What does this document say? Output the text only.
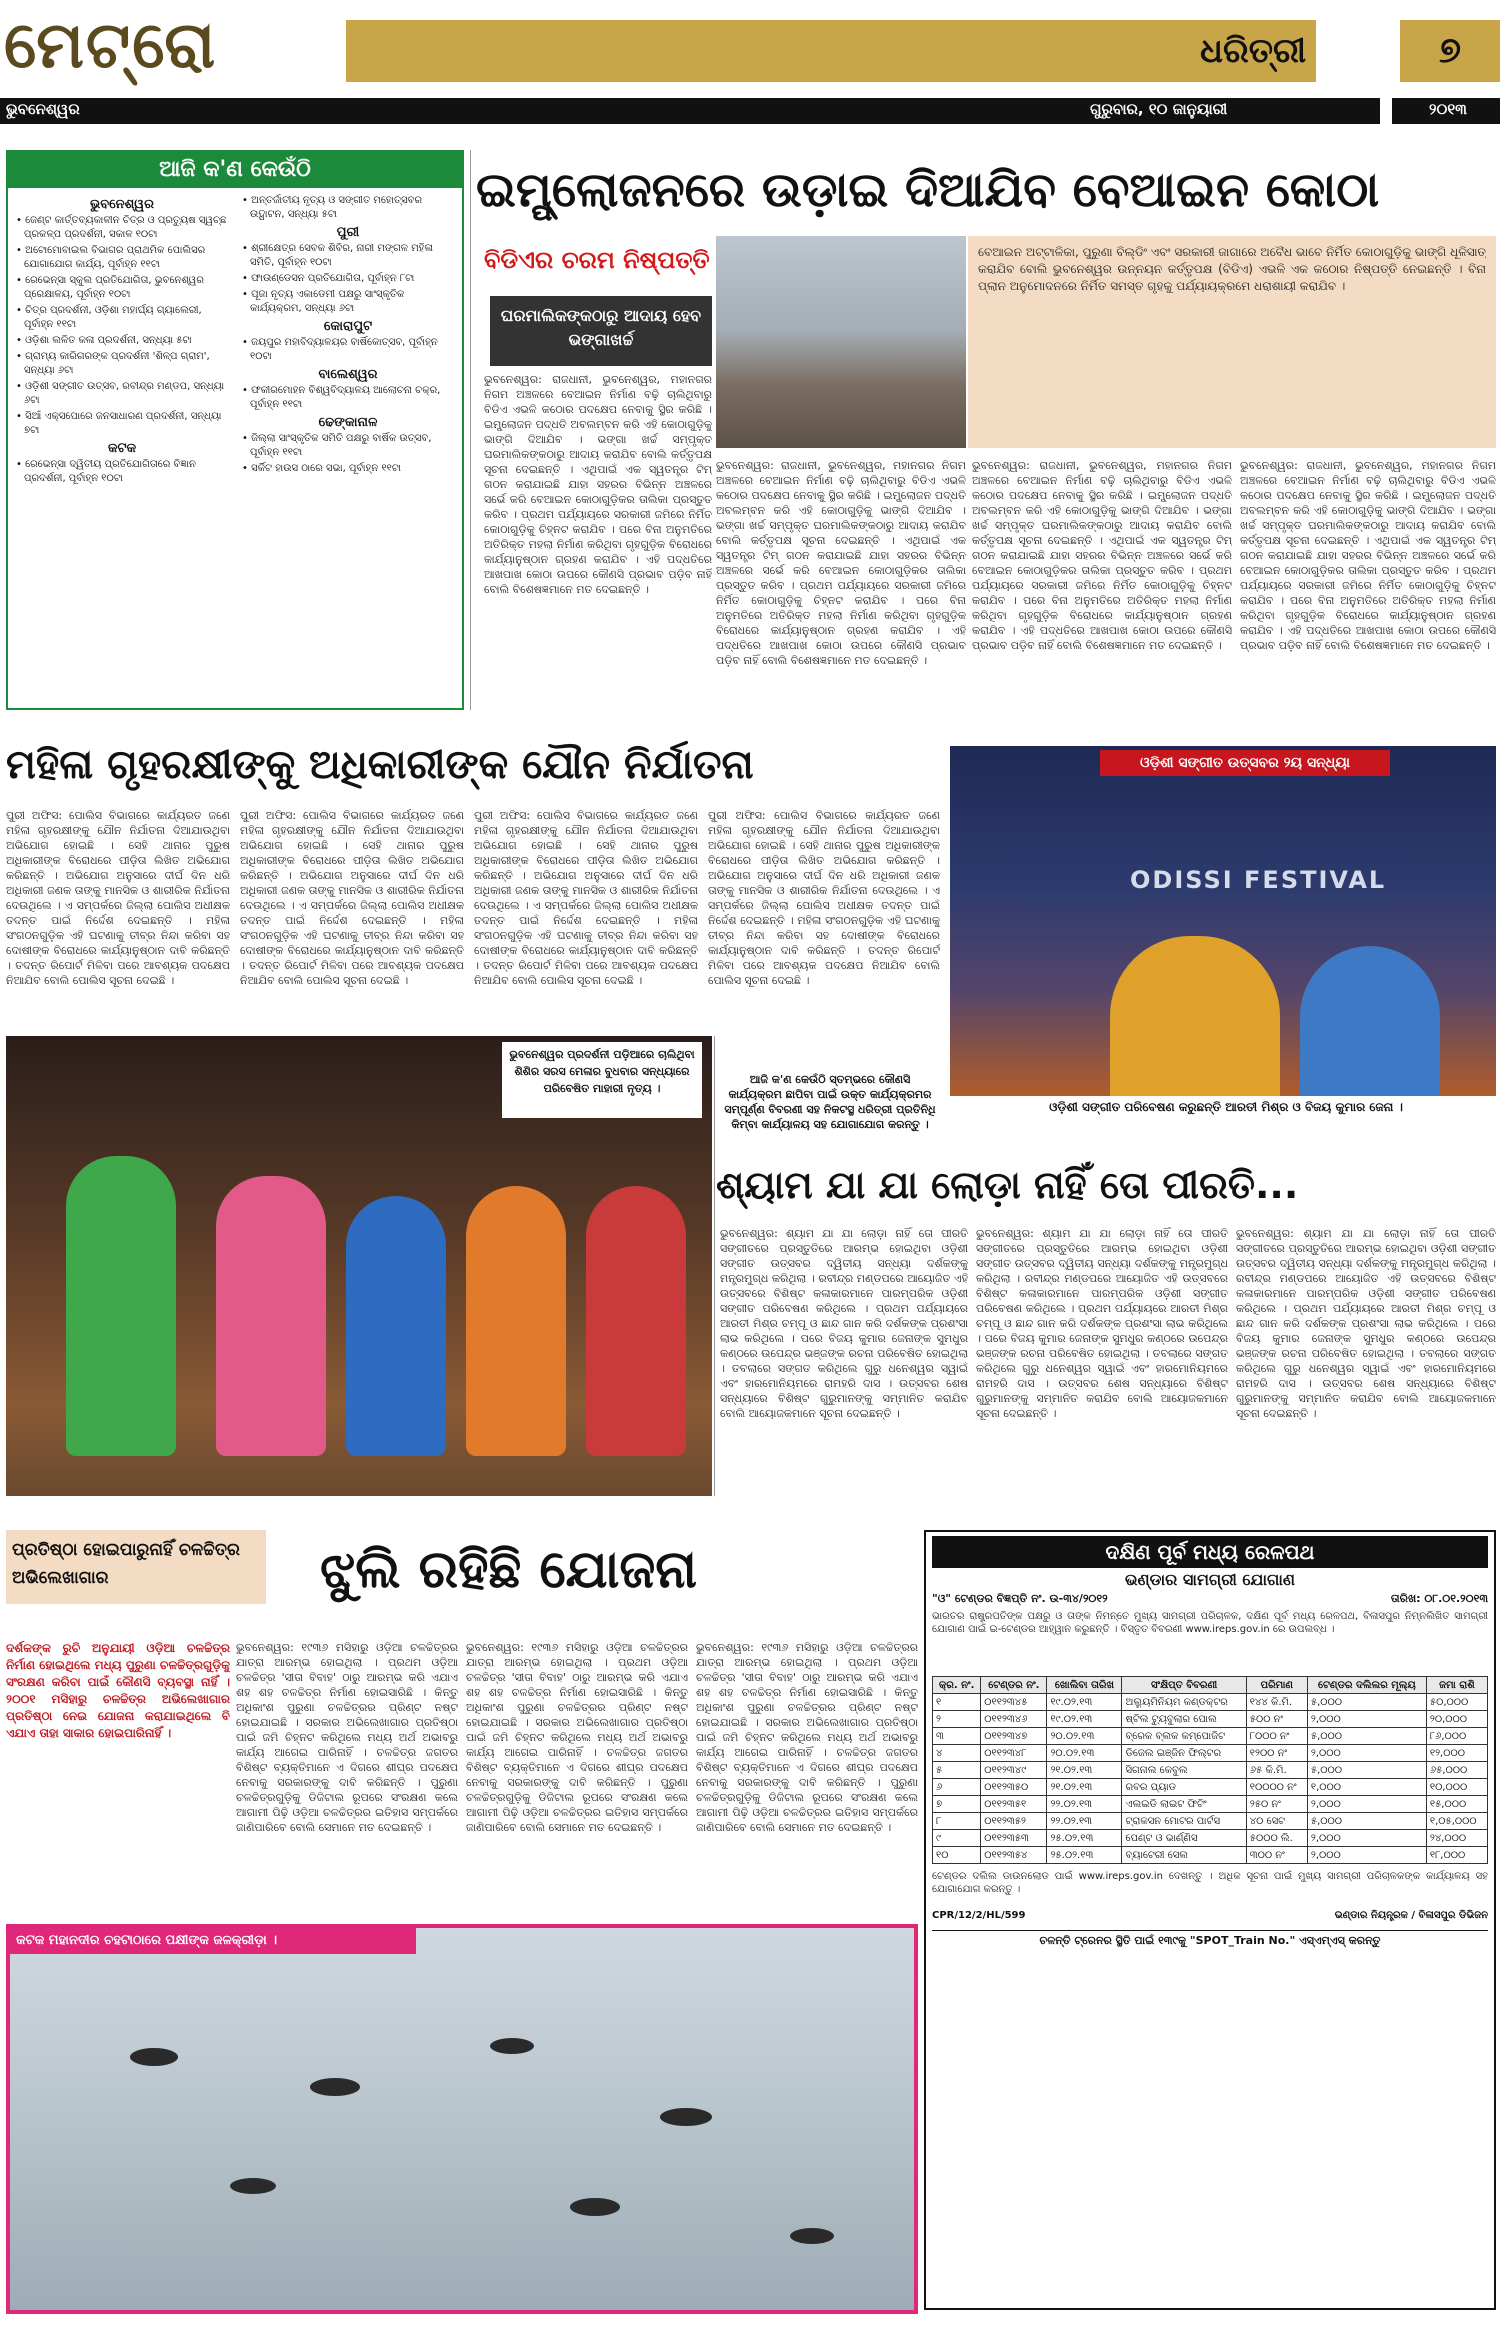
ମେଟ୍ରୋ	ଧରିତ୍ରୀ	୭
ଭୁବନେଶ୍ୱର	ଗୁରୁବାର, ୧୦ ଜାନୁୟାରୀ	୨୦୧୩
ଆଜି କ'ଣ କେଉଁଠି
ଭୁବନେଶ୍ୱର
• ଜେଣ୍ଟ କାର୍ତ୍ତବ୍ୟକାଳୀନ ଚିତ୍ର ଓ ପ୍ରତ୍ୟୁଷ ସ୍ୱଚ୍ଛ ପ୍ରକଳ୍ପ ପ୍ରଦର୍ଶନୀ, ସକାଳ ୧୦ଟା
• ଅଟୋମୋବାଇଲ ବିଭାଗର ପ୍ରାଥମିକ ପୋଲିସର ଯୋଗାଯୋଗ କାର୍ଯ୍ୟ, ପୂର୍ବାହ୍ନ ୧୧ଟା
• ରେଭେନ୍ସା ସ୍କୁଲ ପ୍ରତିଯୋଗିତା, ଭୁବନେଶ୍ୱର ପ୍ରେକ୍ଷାଳୟ, ପୂର୍ବାହ୍ନ ୧୦ଟା
• ଚିତ୍ର ପ୍ରଦର୍ଶନୀ, ଓଡ଼ିଶା ମହାର୍ଘ୍ୟ ଗ୍ୟାଲେରୀ, ପୂର୍ବାହ୍ନ ୧୧ଟା
• ଓଡ଼ିଶା ଲଳିତ କଳା ପ୍ରଦର୍ଶନୀ, ସନ୍ଧ୍ୟା ୫ଟା
• ଗ୍ରାମ୍ୟ କାରିଗରଙ୍କ ପ୍ରଦର୍ଶନୀ 'ଶିଳ୍ପ ଗ୍ରାମ', ସନ୍ଧ୍ୟା ୬ଟା
• ଓଡ଼ିଶୀ ସଙ୍ଗୀତ ଉତ୍ସବ, ରବୀନ୍ଦ୍ର ମଣ୍ଡପ, ସନ୍ଧ୍ୟା ୬ଟା
• ସିଆଁ ଏକ୍ସପୋରେ ଜନସାଧାରଣ ପ୍ରଦର୍ଶନୀ, ସନ୍ଧ୍ୟା ୭ଟା
କଟକ
• ରେଭେନ୍ସା ଦ୍ୱିତୀୟ ପ୍ରତିଯୋଗିତାରେ ବିଜ୍ଞାନ ପ୍ରଦର୍ଶନୀ, ପୂର୍ବାହ୍ନ ୧୦ଟା
• ଅନ୍ତର୍ଜାତୀୟ ନୃତ୍ୟ ଓ ସଙ୍ଗୀତ ମହୋତ୍ସବର ଉଦ୍ଘାଟନ, ସନ୍ଧ୍ୟା ୫ଟା
ପୁରୀ
• ଶ୍ରୀକ୍ଷେତ୍ର ସେବକ ଶିବିର, ନାରୀ ମଙ୍ଗଳ ମହିଳା ସମିତି, ପୂର୍ବାହ୍ନ ୧୦ଟା
• ଫାଉଣ୍ଡେସନ ପ୍ରତିଯୋଗିତା, ପୂର୍ବାହ୍ନ ୮ଟା
• ପୂଜା ନୃତ୍ୟ ଏକାଡେମୀ ପକ୍ଷରୁ ସାଂସ୍କୃତିକ କାର୍ଯ୍ୟକ୍ରମ, ସନ୍ଧ୍ୟା ୬ଟା
କୋରାପୁଟ
• ଜୟପୁର ମହାବିଦ୍ୟାଳୟର ବାର୍ଷିକୋତ୍ସବ, ପୂର୍ବାହ୍ନ ୧୦ଟା
ବାଲେଶ୍ୱର
• ଫକୀରମୋହନ ବିଶ୍ୱବିଦ୍ୟାଳୟ ଆଲୋଚନା ଚକ୍ର, ପୂର୍ବାହ୍ନ ୧୧ଟା
ଢେଙ୍କାନାଳ
• ଜିଲ୍ଲା ସାଂସ୍କୃତିକ ସମିତି ପକ୍ଷରୁ ବାର୍ଷିକ ଉତ୍ସବ, ପୂର୍ବାହ୍ନ ୧୧ଟା
• ସର୍କିଟ ହାଉସ ଠାରେ ସଭା, ପୂର୍ବାହ୍ନ ୧୧ଟା
ଇମ୍ପ୍ଲୋଜନରେ ଉଡ଼ାଇ ଦିଆଯିବ ବେଆଇନ କୋଠା
ବିଡିଏର ଚରମ ନିଷ୍ପତ୍ତି
ଘରମାଲିକଙ୍କଠାରୁ ଆଦାୟ ହେବ ଭଙ୍ଗାଖର୍ଚ୍ଚ
ବେଆଇନ ଅଟ୍ଟାଳିକା, ପୁରୁଣା ବିଲ୍ଡିଂ ଏବଂ ସରକାରୀ ଜାଗାରେ ଅବୈଧ ଭାବେ ନିର୍ମିତ କୋଠାଗୁଡ଼ିକୁ ଭାଙ୍ଗି ଧୂଳିସାତ୍ କରାଯିବ ବୋଲି ଭୁବନେଶ୍ୱର ଉନ୍ନୟନ କର୍ତ୍ତୃପକ୍ଷ (ବିଡିଏ) ଏଭଳି ଏକ କଠୋର ନିଷ୍ପତ୍ତି ନେଇଛନ୍ତି । ବିନା ପ୍ଲାନ ଅନୁମୋଦନରେ ନିର୍ମିତ ସମସ୍ତ ଗୃହକୁ ପର୍ଯ୍ୟାୟକ୍ରମେ ଧରାଶାୟୀ କରାଯିବ ।
ଭୁବନେଶ୍ୱର: ରାଜଧାନୀ, ଭୁବନେଶ୍ୱର, ମହାନଗର ନିଗମ ଅଞ୍ଚଳରେ ବେଆଇନ ନିର୍ମାଣ ବଢ଼ି ଚାଲିଥିବାରୁ ବିଡିଏ ଏଭଳି କଠୋର ପଦକ୍ଷେପ ନେବାକୁ ସ୍ଥିର କରିଛି । ଇମ୍ପ୍ଲୋଜନ ପଦ୍ଧତି ଅବଲମ୍ବନ କରି ଏହି କୋଠାଗୁଡ଼ିକୁ ଭାଙ୍ଗି ଦିଆଯିବ । ଭଙ୍ଗା ଖର୍ଚ୍ଚ ସମ୍ପୃକ୍ତ ଘରମାଲିକଙ୍କଠାରୁ ଆଦାୟ କରାଯିବ ବୋଲି କର୍ତ୍ତୃପକ୍ଷ ସୂଚନା ଦେଇଛନ୍ତି । ଏଥିପାଇଁ ଏକ ସ୍ୱତନ୍ତ୍ର ଟିମ୍ ଗଠନ କରାଯାଇଛି ଯାହା ସହରର ବିଭିନ୍ନ ଅଞ୍ଚଳରେ ସର୍ଭେ କରି ବେଆଇନ କୋଠାଗୁଡ଼ିକର ତାଲିକା ପ୍ରସ୍ତୁତ କରିବ । ପ୍ରଥମ ପର୍ଯ୍ୟାୟରେ ସରକାରୀ ଜମିରେ ନିର୍ମିତ କୋଠାଗୁଡ଼ିକୁ ଚିହ୍ନଟ କରାଯିବ । ପରେ ବିନା ଅନୁମତିରେ ଅତିରିକ୍ତ ମହଲା ନିର୍ମାଣ କରିଥିବା ଗୃହଗୁଡ଼ିକ ବିରୋଧରେ କାର୍ଯ୍ୟାନୁଷ୍ଠାନ ଗ୍ରହଣ କରାଯିବ । ଏହି ପଦ୍ଧତିରେ ଆଖପାଖ କୋଠା ଉପରେ କୌଣସି ପ୍ରଭାବ ପଡ଼ିବ ନାହିଁ ବୋଲି ବିଶେଷଜ୍ଞମାନେ ମତ ଦେଇଛନ୍ତି ।
ଭୁବନେଶ୍ୱର: ରାଜଧାନୀ, ଭୁବନେଶ୍ୱର, ମହାନଗର ନିଗମ ଅଞ୍ଚଳରେ ବେଆଇନ ନିର୍ମାଣ ବଢ଼ି ଚାଲିଥିବାରୁ ବିଡିଏ ଏଭଳି କଠୋର ପଦକ୍ଷେପ ନେବାକୁ ସ୍ଥିର କରିଛି । ଇମ୍ପ୍ଲୋଜନ ପଦ୍ଧତି ଅବଲମ୍ବନ କରି ଏହି କୋଠାଗୁଡ଼ିକୁ ଭାଙ୍ଗି ଦିଆଯିବ । ଭଙ୍ଗା ଖର୍ଚ୍ଚ ସମ୍ପୃକ୍ତ ଘରମାଲିକଙ୍କଠାରୁ ଆଦାୟ କରାଯିବ ବୋଲି କର୍ତ୍ତୃପକ୍ଷ ସୂଚନା ଦେଇଛନ୍ତି । ଏଥିପାଇଁ ଏକ ସ୍ୱତନ୍ତ୍ର ଟିମ୍ ଗଠନ କରାଯାଇଛି ଯାହା ସହରର ବିଭିନ୍ନ ଅଞ୍ଚଳରେ ସର୍ଭେ କରି ବେଆଇନ କୋଠାଗୁଡ଼ିକର ତାଲିକା ପ୍ରସ୍ତୁତ କରିବ । ପ୍ରଥମ ପର୍ଯ୍ୟାୟରେ ସରକାରୀ ଜମିରେ ନିର୍ମିତ କୋଠାଗୁଡ଼ିକୁ ଚିହ୍ନଟ କରାଯିବ । ପରେ ବିନା ଅନୁମତିରେ ଅତିରିକ୍ତ ମହଲା ନିର୍ମାଣ କରିଥିବା ଗୃହଗୁଡ଼ିକ ବିରୋଧରେ କାର୍ଯ୍ୟାନୁଷ୍ଠାନ ଗ୍ରହଣ କରାଯିବ । ଏହି ପଦ୍ଧତିରେ ଆଖପାଖ କୋଠା ଉପରେ କୌଣସି ପ୍ରଭାବ ପଡ଼ିବ ନାହିଁ ବୋଲି ବିଶେଷଜ୍ଞମାନେ ମତ ଦେଇଛନ୍ତି ।
ଭୁବନେଶ୍ୱର: ରାଜଧାନୀ, ଭୁବନେଶ୍ୱର, ମହାନଗର ନିଗମ ଅଞ୍ଚଳରେ ବେଆଇନ ନିର୍ମାଣ ବଢ଼ି ଚାଲିଥିବାରୁ ବିଡିଏ ଏଭଳି କଠୋର ପଦକ୍ଷେପ ନେବାକୁ ସ୍ଥିର କରିଛି । ଇମ୍ପ୍ଲୋଜନ ପଦ୍ଧତି ଅବଲମ୍ବନ କରି ଏହି କୋଠାଗୁଡ଼ିକୁ ଭାଙ୍ଗି ଦିଆଯିବ । ଭଙ୍ଗା ଖର୍ଚ୍ଚ ସମ୍ପୃକ୍ତ ଘରମାଲିକଙ୍କଠାରୁ ଆଦାୟ କରାଯିବ ବୋଲି କର୍ତ୍ତୃପକ୍ଷ ସୂଚନା ଦେଇଛନ୍ତି । ଏଥିପାଇଁ ଏକ ସ୍ୱତନ୍ତ୍ର ଟିମ୍ ଗଠନ କରାଯାଇଛି ଯାହା ସହରର ବିଭିନ୍ନ ଅଞ୍ଚଳରେ ସର୍ଭେ କରି ବେଆଇନ କୋଠାଗୁଡ଼ିକର ତାଲିକା ପ୍ରସ୍ତୁତ କରିବ । ପ୍ରଥମ ପର୍ଯ୍ୟାୟରେ ସରକାରୀ ଜମିରେ ନିର୍ମିତ କୋଠାଗୁଡ଼ିକୁ ଚିହ୍ନଟ କରାଯିବ । ପରେ ବିନା ଅନୁମତିରେ ଅତିରିକ୍ତ ମହଲା ନିର୍ମାଣ କରିଥିବା ଗୃହଗୁଡ଼ିକ ବିରୋଧରେ କାର୍ଯ୍ୟାନୁଷ୍ଠାନ ଗ୍ରହଣ କରାଯିବ । ଏହି ପଦ୍ଧତିରେ ଆଖପାଖ କୋଠା ଉପରେ କୌଣସି ପ୍ରଭାବ ପଡ଼ିବ ନାହିଁ ବୋଲି ବିଶେଷଜ୍ଞମାନେ ମତ ଦେଇଛନ୍ତି ।
ଭୁବନେଶ୍ୱର: ରାଜଧାନୀ, ଭୁବନେଶ୍ୱର, ମହାନଗର ନିଗମ ଅଞ୍ଚଳରେ ବେଆଇନ ନିର୍ମାଣ ବଢ଼ି ଚାଲିଥିବାରୁ ବିଡିଏ ଏଭଳି କଠୋର ପଦକ୍ଷେପ ନେବାକୁ ସ୍ଥିର କରିଛି । ଇମ୍ପ୍ଲୋଜନ ପଦ୍ଧତି ଅବଲମ୍ବନ କରି ଏହି କୋଠାଗୁଡ଼ିକୁ ଭାଙ୍ଗି ଦିଆଯିବ । ଭଙ୍ଗା ଖର୍ଚ୍ଚ ସମ୍ପୃକ୍ତ ଘରମାଲିକଙ୍କଠାରୁ ଆଦାୟ କରାଯିବ ବୋଲି କର୍ତ୍ତୃପକ୍ଷ ସୂଚନା ଦେଇଛନ୍ତି । ଏଥିପାଇଁ ଏକ ସ୍ୱତନ୍ତ୍ର ଟିମ୍ ଗଠନ କରାଯାଇଛି ଯାହା ସହରର ବିଭିନ୍ନ ଅଞ୍ଚଳରେ ସର୍ଭେ କରି ବେଆଇନ କୋଠାଗୁଡ଼ିକର ତାଲିକା ପ୍ରସ୍ତୁତ କରିବ । ପ୍ରଥମ ପର୍ଯ୍ୟାୟରେ ସରକାରୀ ଜମିରେ ନିର୍ମିତ କୋଠାଗୁଡ଼ିକୁ ଚିହ୍ନଟ କରାଯିବ । ପରେ ବିନା ଅନୁମତିରେ ଅତିରିକ୍ତ ମହଲା ନିର୍ମାଣ କରିଥିବା ଗୃହଗୁଡ଼ିକ ବିରୋଧରେ କାର୍ଯ୍ୟାନୁଷ୍ଠାନ ଗ୍ରହଣ କରାଯିବ । ଏହି ପଦ୍ଧତିରେ ଆଖପାଖ କୋଠା ଉପରେ କୌଣସି ପ୍ରଭାବ ପଡ଼ିବ ନାହିଁ ବୋଲି ବିଶେଷଜ୍ଞମାନେ ମତ ଦେଇଛନ୍ତି ।
ମହିଳା ଗୃହରକ୍ଷୀଙ୍କୁ ଅଧିକାରୀଙ୍କ ଯୌନ ନିର୍ଯାତନା
ପୁରୀ ଅଫିସ: ପୋଲିସ ବିଭାଗରେ କାର୍ଯ୍ୟରତ ଜଣେ ମହିଳା ଗୃହରକ୍ଷୀଙ୍କୁ ଯୌନ ନିର୍ଯାତନା ଦିଆଯାଉଥିବା ଅଭିଯୋଗ ହୋଇଛି । ସେହି ଥାନାର ପୁରୁଷ ଅଧିକାରୀଙ୍କ ବିରୋଧରେ ପୀଡ଼ିତା ଲିଖିତ ଅଭିଯୋଗ କରିଛନ୍ତି । ଅଭିଯୋଗ ଅନୁସାରେ ଦୀର୍ଘ ଦିନ ଧରି ଅଧିକାରୀ ଜଣକ ତାଙ୍କୁ ମାନସିକ ଓ ଶାରୀରିକ ନିର୍ଯାତନା ଦେଉଥିଲେ । ଏ ସମ୍ପର୍କରେ ଜିଲ୍ଲା ପୋଲିସ ଅଧୀକ୍ଷକ ତଦନ୍ତ ପାଇଁ ନିର୍ଦ୍ଦେଶ ଦେଇଛନ୍ତି । ମହିଳା ସଂଗଠନଗୁଡ଼ିକ ଏହି ଘଟଣାକୁ ତୀବ୍ର ନିନ୍ଦା କରିବା ସହ ଦୋଷୀଙ୍କ ବିରୋଧରେ କାର୍ଯ୍ୟାନୁଷ୍ଠାନ ଦାବି କରିଛନ୍ତି । ତଦନ୍ତ ରିପୋର୍ଟ ମିଳିବା ପରେ ଆବଶ୍ୟକ ପଦକ୍ଷେପ ନିଆଯିବ ବୋଲି ପୋଲିସ ସୂଚନା ଦେଇଛି ।
ପୁରୀ ଅଫିସ: ପୋଲିସ ବିଭାଗରେ କାର୍ଯ୍ୟରତ ଜଣେ ମହିଳା ଗୃହରକ୍ଷୀଙ୍କୁ ଯୌନ ନିର୍ଯାତନା ଦିଆଯାଉଥିବା ଅଭିଯୋଗ ହୋଇଛି । ସେହି ଥାନାର ପୁରୁଷ ଅଧିକାରୀଙ୍କ ବିରୋଧରେ ପୀଡ଼ିତା ଲିଖିତ ଅଭିଯୋଗ କରିଛନ୍ତି । ଅଭିଯୋଗ ଅନୁସାରେ ଦୀର୍ଘ ଦିନ ଧରି ଅଧିକାରୀ ଜଣକ ତାଙ୍କୁ ମାନସିକ ଓ ଶାରୀରିକ ନିର୍ଯାତନା ଦେଉଥିଲେ । ଏ ସମ୍ପର୍କରେ ଜିଲ୍ଲା ପୋଲିସ ଅଧୀକ୍ଷକ ତଦନ୍ତ ପାଇଁ ନିର୍ଦ୍ଦେଶ ଦେଇଛନ୍ତି । ମହିଳା ସଂଗଠନଗୁଡ଼ିକ ଏହି ଘଟଣାକୁ ତୀବ୍ର ନିନ୍ଦା କରିବା ସହ ଦୋଷୀଙ୍କ ବିରୋଧରେ କାର୍ଯ୍ୟାନୁଷ୍ଠାନ ଦାବି କରିଛନ୍ତି । ତଦନ୍ତ ରିପୋର୍ଟ ମିଳିବା ପରେ ଆବଶ୍ୟକ ପଦକ୍ଷେପ ନିଆଯିବ ବୋଲି ପୋଲିସ ସୂଚନା ଦେଇଛି ।
ପୁରୀ ଅଫିସ: ପୋଲିସ ବିଭାଗରେ କାର୍ଯ୍ୟରତ ଜଣେ ମହିଳା ଗୃହରକ୍ଷୀଙ୍କୁ ଯୌନ ନିର୍ଯାତନା ଦିଆଯାଉଥିବା ଅଭିଯୋଗ ହୋଇଛି । ସେହି ଥାନାର ପୁରୁଷ ଅଧିକାରୀଙ୍କ ବିରୋଧରେ ପୀଡ଼ିତା ଲିଖିତ ଅଭିଯୋଗ କରିଛନ୍ତି । ଅଭିଯୋଗ ଅନୁସାରେ ଦୀର୍ଘ ଦିନ ଧରି ଅଧିକାରୀ ଜଣକ ତାଙ୍କୁ ମାନସିକ ଓ ଶାରୀରିକ ନିର୍ଯାତନା ଦେଉଥିଲେ । ଏ ସମ୍ପର୍କରେ ଜିଲ୍ଲା ପୋଲିସ ଅଧୀକ୍ଷକ ତଦନ୍ତ ପାଇଁ ନିର୍ଦ୍ଦେଶ ଦେଇଛନ୍ତି । ମହିଳା ସଂଗଠନଗୁଡ଼ିକ ଏହି ଘଟଣାକୁ ତୀବ୍ର ନିନ୍ଦା କରିବା ସହ ଦୋଷୀଙ୍କ ବିରୋଧରେ କାର୍ଯ୍ୟାନୁଷ୍ଠାନ ଦାବି କରିଛନ୍ତି । ତଦନ୍ତ ରିପୋର୍ଟ ମିଳିବା ପରେ ଆବଶ୍ୟକ ପଦକ୍ଷେପ ନିଆଯିବ ବୋଲି ପୋଲିସ ସୂଚନା ଦେଇଛି ।
ପୁରୀ ଅଫିସ: ପୋଲିସ ବିଭାଗରେ କାର୍ଯ୍ୟରତ ଜଣେ ମହିଳା ଗୃହରକ୍ଷୀଙ୍କୁ ଯୌନ ନିର୍ଯାତନା ଦିଆଯାଉଥିବା ଅଭିଯୋଗ ହୋଇଛି । ସେହି ଥାନାର ପୁରୁଷ ଅଧିକାରୀଙ୍କ ବିରୋଧରେ ପୀଡ଼ିତା ଲିଖିତ ଅଭିଯୋଗ କରିଛନ୍ତି । ଅଭିଯୋଗ ଅନୁସାରେ ଦୀର୍ଘ ଦିନ ଧରି ଅଧିକାରୀ ଜଣକ ତାଙ୍କୁ ମାନସିକ ଓ ଶାରୀରିକ ନିର୍ଯାତନା ଦେଉଥିଲେ । ଏ ସମ୍ପର୍କରେ ଜିଲ୍ଲା ପୋଲିସ ଅଧୀକ୍ଷକ ତଦନ୍ତ ପାଇଁ ନିର୍ଦ୍ଦେଶ ଦେଇଛନ୍ତି । ମହିଳା ସଂଗଠନଗୁଡ଼ିକ ଏହି ଘଟଣାକୁ ତୀବ୍ର ନିନ୍ଦା କରିବା ସହ ଦୋଷୀଙ୍କ ବିରୋଧରେ କାର୍ଯ୍ୟାନୁଷ୍ଠାନ ଦାବି କରିଛନ୍ତି । ତଦନ୍ତ ରିପୋର୍ଟ ମିଳିବା ପରେ ଆବଶ୍ୟକ ପଦକ୍ଷେପ ନିଆଯିବ ବୋଲି ପୋଲିସ ସୂଚନା ଦେଇଛି ।
ଓଡ଼ିଶୀ ସଙ୍ଗୀତ ଉତ୍ସବର ୨ୟ ସନ୍ଧ୍ୟା
ODISSI FESTIVAL
ଓଡ଼ିଶୀ ସଙ୍ଗୀତ ପରିବେଷଣ କରୁଛନ୍ତି ଆରତୀ ମିଶ୍ର ଓ ବିଜୟ କୁମାର ଜେନା ।
ଭୁବନେଶ୍ୱର ପ୍ରଦର୍ଶନୀ ପଡ଼ିଆରେ ଚାଲିଥିବା ଶିଶିର ସରସ ମେଳାର ବୁଧବାର ସନ୍ଧ୍ୟାରେ ପରିବେଷିତ ମାହାରୀ ନୃତ୍ୟ ।
ଆଜି କ'ଣ କେଉଁଠି ସ୍ତମ୍ଭରେ କୌଣସି କାର୍ଯ୍ୟକ୍ରମ ଛାପିବା ପାଇଁ ଉକ୍ତ କାର୍ଯ୍ୟକ୍ରମର ସମ୍ପୂର୍ଣ୍ଣ ବିବରଣୀ ସହ ନିକଟସ୍ଥ ଧରିତ୍ରୀ ପ୍ରତିନିଧି କିମ୍ବା କାର୍ଯ୍ୟାଳୟ ସହ ଯୋଗାଯୋଗ କରନ୍ତୁ ।
ଶ୍ୟାମ ଯା ଯା ଲୋଡ଼ା ନାହିଁ ତୋ ପୀରତି...
ଭୁବନେଶ୍ୱର: ଶ୍ୟାମ ଯା ଯା ଲୋଡ଼ା ନାହିଁ ତୋ ପୀରତି ସଙ୍ଗୀତରେ ପ୍ରସ୍ତୁତିରେ ଆରମ୍ଭ ହୋଇଥିବା ଓଡ଼ିଶୀ ସଙ୍ଗୀତ ଉତ୍ସବର ଦ୍ୱିତୀୟ ସନ୍ଧ୍ୟା ଦର୍ଶକଙ୍କୁ ମନ୍ତ୍ରମୁଗ୍ଧ କରିଥିଲା । ରବୀନ୍ଦ୍ର ମଣ୍ଡପରେ ଆୟୋଜିତ ଏହି ଉତ୍ସବରେ ବିଶିଷ୍ଟ କଳାକାରମାନେ ପାରମ୍ପରିକ ଓଡ଼ିଶୀ ସଙ୍ଗୀତ ପରିବେଷଣ କରିଥିଲେ । ପ୍ରଥମ ପର୍ଯ୍ୟାୟରେ ଆରତୀ ମିଶ୍ର ଚମ୍ପୂ ଓ ଛାନ୍ଦ ଗାନ କରି ଦର୍ଶକଙ୍କ ପ୍ରଶଂସା ଲାଭ କରିଥିଲେ । ପରେ ବିଜୟ କୁମାର ଜେନାଙ୍କ ସୁମଧୁର କଣ୍ଠରେ ଉପେନ୍ଦ୍ର ଭଞ୍ଜଙ୍କ ରଚନା ପରିବେଷିତ ହୋଇଥିଲା । ତବଲାରେ ସଙ୍ଗତ କରିଥିଲେ ଗୁରୁ ଧନେଶ୍ୱର ସ୍ୱାଇଁ ଏବଂ ହାରମୋନିୟମରେ ରାମହରି ଦାସ । ଉତ୍ସବର ଶେଷ ସନ୍ଧ୍ୟାରେ ବିଶିଷ୍ଟ ଗୁରୁମାନଙ୍କୁ ସମ୍ମାନିତ କରାଯିବ ବୋଲି ଆୟୋଜକମାନେ ସୂଚନା ଦେଇଛନ୍ତି ।
ଭୁବନେଶ୍ୱର: ଶ୍ୟାମ ଯା ଯା ଲୋଡ଼ା ନାହିଁ ତୋ ପୀରତି ସଙ୍ଗୀତରେ ପ୍ରସ୍ତୁତିରେ ଆରମ୍ଭ ହୋଇଥିବା ଓଡ଼ିଶୀ ସଙ୍ଗୀତ ଉତ୍ସବର ଦ୍ୱିତୀୟ ସନ୍ଧ୍ୟା ଦର୍ଶକଙ୍କୁ ମନ୍ତ୍ରମୁଗ୍ଧ କରିଥିଲା । ରବୀନ୍ଦ୍ର ମଣ୍ଡପରେ ଆୟୋଜିତ ଏହି ଉତ୍ସବରେ ବିଶିଷ୍ଟ କଳାକାରମାନେ ପାରମ୍ପରିକ ଓଡ଼ିଶୀ ସଙ୍ଗୀତ ପରିବେଷଣ କରିଥିଲେ । ପ୍ରଥମ ପର୍ଯ୍ୟାୟରେ ଆରତୀ ମିଶ୍ର ଚମ୍ପୂ ଓ ଛାନ୍ଦ ଗାନ କରି ଦର୍ଶକଙ୍କ ପ୍ରଶଂସା ଲାଭ କରିଥିଲେ । ପରେ ବିଜୟ କୁମାର ଜେନାଙ୍କ ସୁମଧୁର କଣ୍ଠରେ ଉପେନ୍ଦ୍ର ଭଞ୍ଜଙ୍କ ରଚନା ପରିବେଷିତ ହୋଇଥିଲା । ତବଲାରେ ସଙ୍ଗତ କରିଥିଲେ ଗୁରୁ ଧନେଶ୍ୱର ସ୍ୱାଇଁ ଏବଂ ହାରମୋନିୟମରେ ରାମହରି ଦାସ । ଉତ୍ସବର ଶେଷ ସନ୍ଧ୍ୟାରେ ବିଶିଷ୍ଟ ଗୁରୁମାନଙ୍କୁ ସମ୍ମାନିତ କରାଯିବ ବୋଲି ଆୟୋଜକମାନେ ସୂଚନା ଦେଇଛନ୍ତି ।
ଭୁବନେଶ୍ୱର: ଶ୍ୟାମ ଯା ଯା ଲୋଡ଼ା ନାହିଁ ତୋ ପୀରତି ସଙ୍ଗୀତରେ ପ୍ରସ୍ତୁତିରେ ଆରମ୍ଭ ହୋଇଥିବା ଓଡ଼ିଶୀ ସଙ୍ଗୀତ ଉତ୍ସବର ଦ୍ୱିତୀୟ ସନ୍ଧ୍ୟା ଦର୍ଶକଙ୍କୁ ମନ୍ତ୍ରମୁଗ୍ଧ କରିଥିଲା । ରବୀନ୍ଦ୍ର ମଣ୍ଡପରେ ଆୟୋଜିତ ଏହି ଉତ୍ସବରେ ବିଶିଷ୍ଟ କଳାକାରମାନେ ପାରମ୍ପରିକ ଓଡ଼ିଶୀ ସଙ୍ଗୀତ ପରିବେଷଣ କରିଥିଲେ । ପ୍ରଥମ ପର୍ଯ୍ୟାୟରେ ଆରତୀ ମିଶ୍ର ଚମ୍ପୂ ଓ ଛାନ୍ଦ ଗାନ କରି ଦର୍ଶକଙ୍କ ପ୍ରଶଂସା ଲାଭ କରିଥିଲେ । ପରେ ବିଜୟ କୁମାର ଜେନାଙ୍କ ସୁମଧୁର କଣ୍ଠରେ ଉପେନ୍ଦ୍ର ଭଞ୍ଜଙ୍କ ରଚନା ପରିବେଷିତ ହୋଇଥିଲା । ତବଲାରେ ସଙ୍ଗତ କରିଥିଲେ ଗୁରୁ ଧନେଶ୍ୱର ସ୍ୱାଇଁ ଏବଂ ହାରମୋନିୟମରେ ରାମହରି ଦାସ । ଉତ୍ସବର ଶେଷ ସନ୍ଧ୍ୟାରେ ବିଶିଷ୍ଟ ଗୁରୁମାନଙ୍କୁ ସମ୍ମାନିତ କରାଯିବ ବୋଲି ଆୟୋଜକମାନେ ସୂଚନା ଦେଇଛନ୍ତି ।
ପ୍ରତିଷ୍ଠା ହୋଇପାରୁନାହିଁ ଚଳଚ୍ଚିତ୍ର ଅଭିଲେଖାଗାର	ଝୁଲି ରହିଛି ଯୋଜନା
ଦର୍ଶକଙ୍କ ରୁଚି ଅନୁଯାୟୀ ଓଡ଼ିଆ ଚଳଚ୍ଚିତ୍ର ନିର୍ମାଣ ହୋଇଥିଲେ ମଧ୍ୟ ପୁରୁଣା ଚଳଚ୍ଚିତ୍ରଗୁଡ଼ିକୁ ସଂରକ୍ଷଣ କରିବା ପାଇଁ କୌଣସି ବ୍ୟବସ୍ଥା ନାହିଁ । ୨୦୦୧ ମସିହାରୁ ଚଳଚ୍ଚିତ୍ର ଅଭିଲେଖାଗାର ପ୍ରତିଷ୍ଠା ନେଇ ଯୋଜନା କରାଯାଇଥିଲେ ବି ଏଯାଏ ତାହା ସାକାର ହୋଇପାରିନାହିଁ ।
ଭୁବନେଶ୍ୱର: ୧୯୩୬ ମସିହାରୁ ଓଡ଼ିଆ ଚଳଚ୍ଚିତ୍ରର ଯାତ୍ରା ଆରମ୍ଭ ହୋଇଥିଲା । ପ୍ରଥମ ଓଡ଼ିଆ ଚଳଚ୍ଚିତ୍ର 'ସୀତା ବିବାହ' ଠାରୁ ଆରମ୍ଭ କରି ଏଯାଏ ଶହ ଶହ ଚଳଚ୍ଚିତ୍ର ନିର୍ମାଣ ହୋଇସାରିଛି । କିନ୍ତୁ ଅଧିକାଂଶ ପୁରୁଣା ଚଳଚ୍ଚିତ୍ରର ପ୍ରିଣ୍ଟ ନଷ୍ଟ ହୋଇଯାଇଛି । ସରକାର ଅଭିଲେଖାଗାର ପ୍ରତିଷ୍ଠା ପାଇଁ ଜମି ଚିହ୍ନଟ କରିଥିଲେ ମଧ୍ୟ ଅର୍ଥ ଅଭାବରୁ କାର୍ଯ୍ୟ ଆଗେଇ ପାରିନାହିଁ । ଚଳଚ୍ଚିତ୍ର ଜଗତର ବିଶିଷ୍ଟ ବ୍ୟକ୍ତିମାନେ ଏ ଦିଗରେ ଶୀଘ୍ର ପଦକ୍ଷେପ ନେବାକୁ ସରକାରଙ୍କୁ ଦାବି କରିଛନ୍ତି । ପୁରୁଣା ଚଳଚ୍ଚିତ୍ରଗୁଡ଼ିକୁ ଡିଜିଟାଲ ରୂପରେ ସଂରକ୍ଷଣ କଲେ ଆଗାମୀ ପିଢ଼ି ଓଡ଼ିଆ ଚଳଚ୍ଚିତ୍ରର ଇତିହାସ ସମ୍ପର୍କରେ ଜାଣିପାରିବେ ବୋଲି ସେମାନେ ମତ ଦେଇଛନ୍ତି ।
ଭୁବନେଶ୍ୱର: ୧୯୩୬ ମସିହାରୁ ଓଡ଼ିଆ ଚଳଚ୍ଚିତ୍ରର ଯାତ୍ରା ଆରମ୍ଭ ହୋଇଥିଲା । ପ୍ରଥମ ଓଡ଼ିଆ ଚଳଚ୍ଚିତ୍ର 'ସୀତା ବିବାହ' ଠାରୁ ଆରମ୍ଭ କରି ଏଯାଏ ଶହ ଶହ ଚଳଚ୍ଚିତ୍ର ନିର୍ମାଣ ହୋଇସାରିଛି । କିନ୍ତୁ ଅଧିକାଂଶ ପୁରୁଣା ଚଳଚ୍ଚିତ୍ରର ପ୍ରିଣ୍ଟ ନଷ୍ଟ ହୋଇଯାଇଛି । ସରକାର ଅଭିଲେଖାଗାର ପ୍ରତିଷ୍ଠା ପାଇଁ ଜମି ଚିହ୍ନଟ କରିଥିଲେ ମଧ୍ୟ ଅର୍ଥ ଅଭାବରୁ କାର୍ଯ୍ୟ ଆଗେଇ ପାରିନାହିଁ । ଚଳଚ୍ଚିତ୍ର ଜଗତର ବିଶିଷ୍ଟ ବ୍ୟକ୍ତିମାନେ ଏ ଦିଗରେ ଶୀଘ୍ର ପଦକ୍ଷେପ ନେବାକୁ ସରକାରଙ୍କୁ ଦାବି କରିଛନ୍ତି । ପୁରୁଣା ଚଳଚ୍ଚିତ୍ରଗୁଡ଼ିକୁ ଡିଜିଟାଲ ରୂପରେ ସଂରକ୍ଷଣ କଲେ ଆଗାମୀ ପିଢ଼ି ଓଡ଼ିଆ ଚଳଚ୍ଚିତ୍ରର ଇତିହାସ ସମ୍ପର୍କରେ ଜାଣିପାରିବେ ବୋଲି ସେମାନେ ମତ ଦେଇଛନ୍ତି ।
ଭୁବନେଶ୍ୱର: ୧୯୩୬ ମସିହାରୁ ଓଡ଼ିଆ ଚଳଚ୍ଚିତ୍ରର ଯାତ୍ରା ଆରମ୍ଭ ହୋଇଥିଲା । ପ୍ରଥମ ଓଡ଼ିଆ ଚଳଚ୍ଚିତ୍ର 'ସୀତା ବିବାହ' ଠାରୁ ଆରମ୍ଭ କରି ଏଯାଏ ଶହ ଶହ ଚଳଚ୍ଚିତ୍ର ନିର୍ମାଣ ହୋଇସାରିଛି । କିନ୍ତୁ ଅଧିକାଂଶ ପୁରୁଣା ଚଳଚ୍ଚିତ୍ରର ପ୍ରିଣ୍ଟ ନଷ୍ଟ ହୋଇଯାଇଛି । ସରକାର ଅଭିଲେଖାଗାର ପ୍ରତିଷ୍ଠା ପାଇଁ ଜମି ଚିହ୍ନଟ କରିଥିଲେ ମଧ୍ୟ ଅର୍ଥ ଅଭାବରୁ କାର୍ଯ୍ୟ ଆଗେଇ ପାରିନାହିଁ । ଚଳଚ୍ଚିତ୍ର ଜଗତର ବିଶିଷ୍ଟ ବ୍ୟକ୍ତିମାନେ ଏ ଦିଗରେ ଶୀଘ୍ର ପଦକ୍ଷେପ ନେବାକୁ ସରକାରଙ୍କୁ ଦାବି କରିଛନ୍ତି । ପୁରୁଣା ଚଳଚ୍ଚିତ୍ରଗୁଡ଼ିକୁ ଡିଜିଟାଲ ରୂପରେ ସଂରକ୍ଷଣ କଲେ ଆଗାମୀ ପିଢ଼ି ଓଡ଼ିଆ ଚଳଚ୍ଚିତ୍ରର ଇତିହାସ ସମ୍ପର୍କରେ ଜାଣିପାରିବେ ବୋଲି ସେମାନେ ମତ ଦେଇଛନ୍ତି ।
କଟକ ମହାନଦୀର ଚହଟାଠାରେ ପକ୍ଷୀଙ୍କ ଜଳକ୍ରୀଡ଼ା ।
ଦକ୍ଷିଣ ପୂର୍ବ ମଧ୍ୟ ରେଳପଥ
ଭଣ୍ଡାର ସାମଗ୍ରୀ ଯୋଗାଣ
"ଓ" ଟେଣ୍ଡର ବିଜ୍ଞପ୍ତି ନଂ. ଉ-୩୪/୨୦୧୨	ତାରିଖ: ୦୮.୦୧.୨୦୧୩
ଭାରତର ରାଷ୍ଟ୍ରପତିଙ୍କ ପକ୍ଷରୁ ଓ ତାଙ୍କ ନିମନ୍ତେ ମୁଖ୍ୟ ସାମଗ୍ରୀ ପରିଚାଳକ, ଦକ୍ଷିଣ ପୂର୍ବ ମଧ୍ୟ ରେଳପଥ, ବିଳାସପୁର ନିମ୍ନଲିଖିତ ସାମଗ୍ରୀ ଯୋଗାଣ ପାଇଁ ଇ-ଟେଣ୍ଡର ଆହ୍ୱାନ କରୁଛନ୍ତି । ବିସ୍ତୃତ ବିବରଣୀ www.ireps.gov.in ରେ ଉପଲବ୍ଧ ।
କ୍ର. ନଂ.	ଟେଣ୍ଡର ନଂ.	ଖୋଲିବା ତାରିଖ	ସଂକ୍ଷିପ୍ତ ବିବରଣୀ	ପରିମାଣ	ଟେଣ୍ଡର ଦଲିଲର ମୂଲ୍ୟ	ଜମା ରାଶି
୧	୦୧୧୨୩୪୫	୧୯.୦୨.୧୩	ଅଲ୍ୟୁମିନିୟମ କଣ୍ଡକ୍ଟର	୧୪୪ କି.ମି.	୫,୦୦୦	୫୦,୦୦୦
୨	୦୧୧୨୩୪୬	୧୯.୦୨.୧୩	ଷ୍ଟିଲ ଟ୍ୟୁବୁଲାର ପୋଲ	୫୦୦ ନଂ	୨,୦୦୦	୨୦,୦୦୦
୩	୦୧୧୨୩୪୭	୨୦.୦୨.୧୩	ବ୍ରେକ ବ୍ଲକ କମ୍ପୋଜିଟ	୮୦୦୦ ନଂ	୫,୦୦୦	୮୬,୦୦୦
୪	୦୧୧୨୩୪୮	୨୦.୦୨.୧୩	ଡିଜେଲ ଇଞ୍ଜିନ ଫିଲ୍ଟର	୧୨୦୦ ନଂ	୨,୦୦୦	୧୨,୦୦୦
୫	୦୧୧୨୩୪୯	୨୧.୦୨.୧୩	ସିଗନାଲ କେବୁଲ	୬୫ କି.ମି.	୫,୦୦୦	୬୫,୦୦୦
୬	୦୧୧୨୩୫୦	୨୧.୦୨.୧୩	ରବର ପ୍ୟାଡ	୧୦୦୦୦ ନଂ	୧,୦୦୦	୧୦,୦୦୦
୭	୦୧୧୨୩୫୧	୨୨.୦୨.୧୩	ଏଲଇଡି ଲାଇଟ ଫିଟିଂ	୨୫୦ ନଂ	୨,୦୦୦	୧୫,୦୦୦
୮	୦୧୧୨୩୫୨	୨୨.୦୨.୧୩	ଟ୍ରାକସନ ମୋଟର ପାର୍ଟସ	୪୦ ସେଟ	୫,୦୦୦	୧,୦୫,୦୦୦
୯	୦୧୧୨୩୫୩	୨୫.୦୨.୧୩	ପେଣ୍ଟ ଓ ଭାର୍ଣ୍ଣିସ	୫୦୦୦ ଲି.	୨,୦୦୦	୨୪,୦୦୦
୧୦	୦୧୧୨୩୫୪	୨୫.୦୨.୧୩	ବ୍ୟାଟେରୀ ସେଲ	୩୦୦ ନଂ	୨,୦୦୦	୧୮,୦୦୦
ଟେଣ୍ଡର ଦଲିଲ ଡାଉନଲୋଡ ପାଇଁ www.ireps.gov.in ଦେଖନ୍ତୁ । ଅଧିକ ସୂଚନା ପାଇଁ ମୁଖ୍ୟ ସାମଗ୍ରୀ ପରିଚାଳକଙ୍କ କାର୍ଯ୍ୟାଳୟ ସହ ଯୋଗାଯୋଗ କରନ୍ତୁ ।
CPR/12/2/HL/599	ଭଣ୍ଡାର ନିୟନ୍ତ୍ରକ / ବିଳାସପୁର ଡିଭିଜନ
ଚଳନ୍ତି ଟ୍ରେନର ସ୍ଥିତି ପାଇଁ ୧୩୯କୁ "SPOT_Train No." ଏସ୍ଏମ୍ଏସ୍ କରନ୍ତୁ
